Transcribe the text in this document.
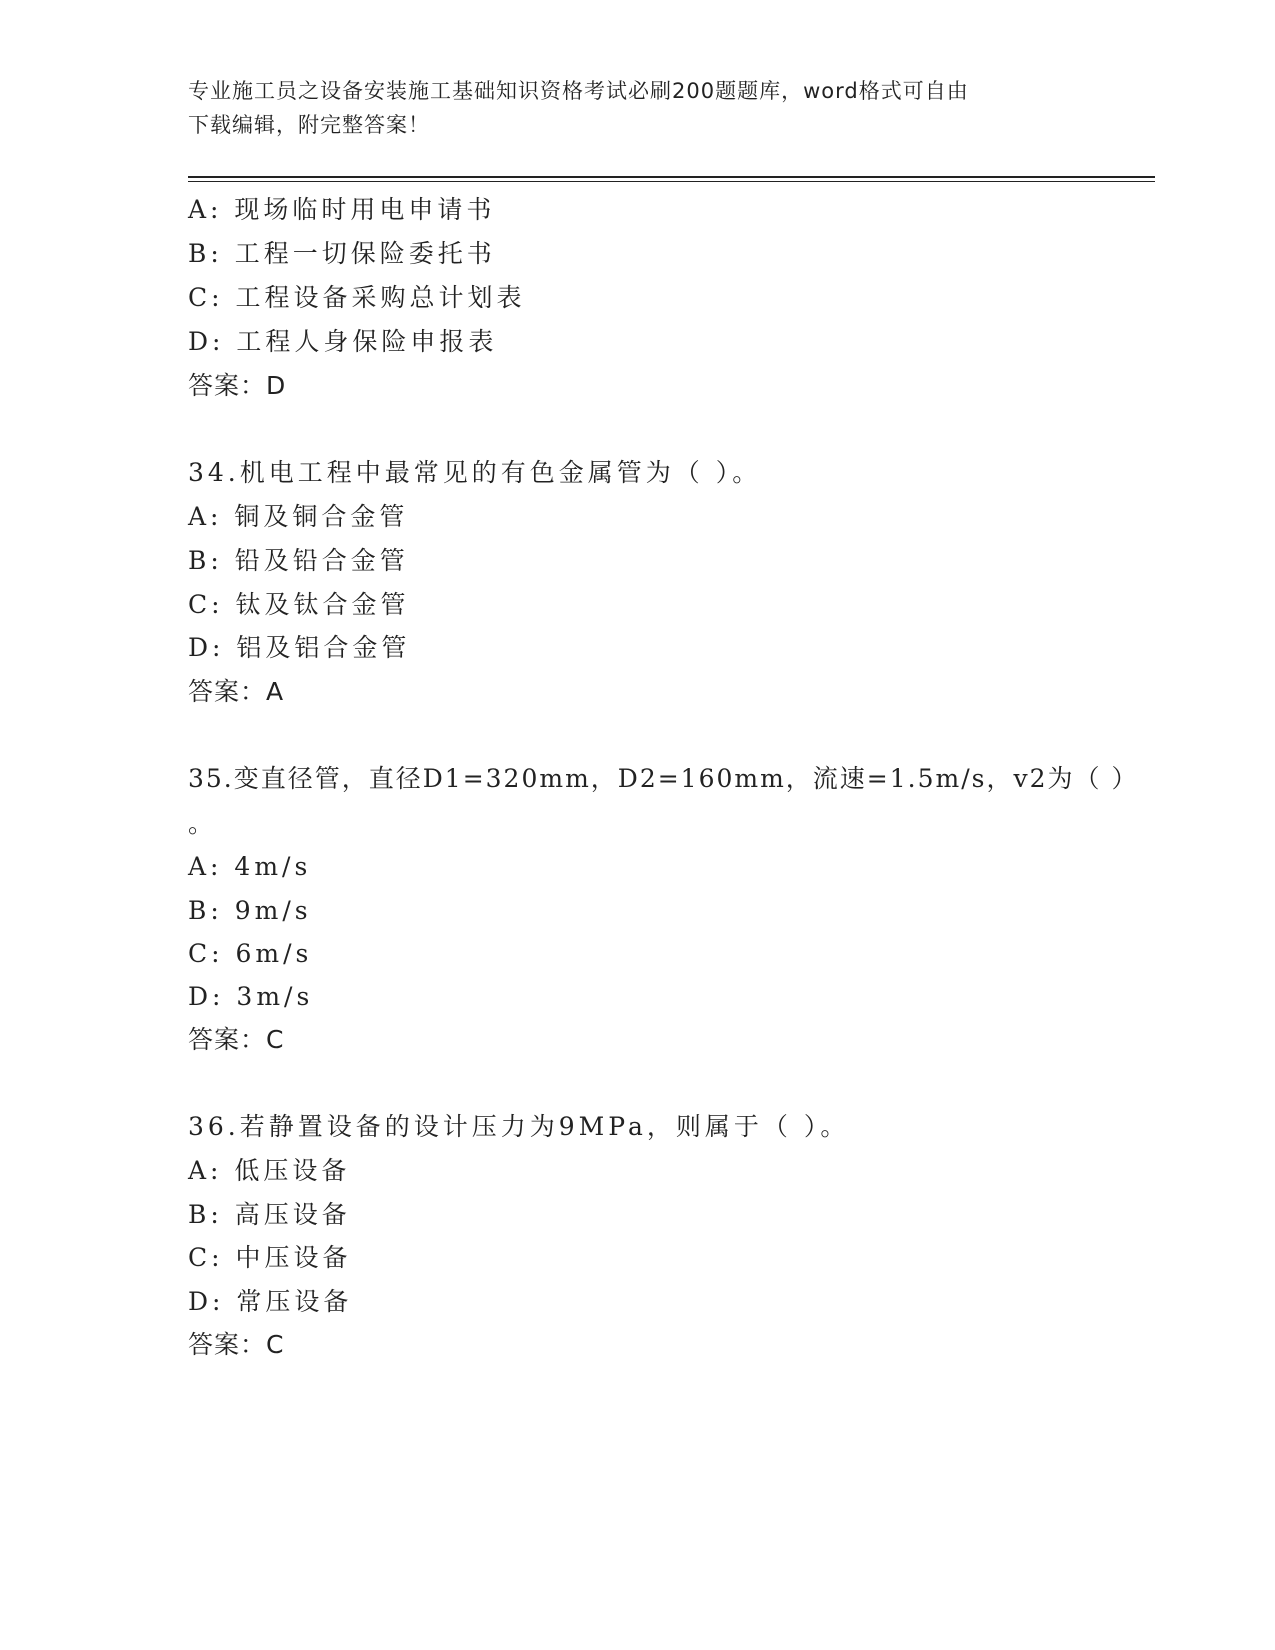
专业施工员之设备安装施工基础知识资格考试必刷200题题库，word格式可自由
下载编辑，附完整答案！
A: 现场临时用电申请书
B: 工程一切保险委托书
C: 工程设备采购总计划表
D: 工程人身保险申报表
答案：D
34.机电工程中最常见的有色金属管为（ ）。
A: 铜及铜合金管
B: 铅及铅合金管
C: 钛及钛合金管
D: 铝及铝合金管
答案：A
35.变直径管，直径D1=320mm，D2=160mm，流速=1.5m/s，v2为（ ）
。
A: 4m/s
B: 9m/s
C: 6m/s
D: 3m/s
答案：C
36.若静置设备的设计压力为9MPa，则属于（ ）。
A: 低压设备
B: 高压设备
C: 中压设备
D: 常压设备
答案：C
